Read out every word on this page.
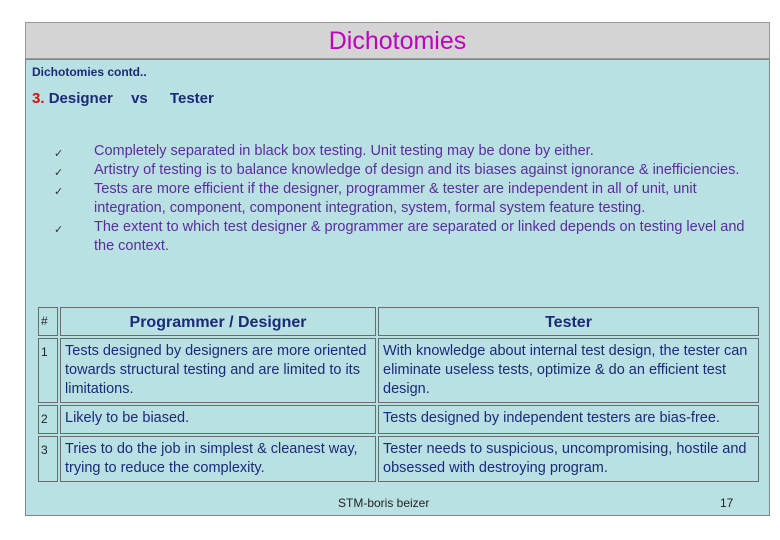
Dichotomies
Dichotomies contd..
3. Designer vs Tester
✓ Completely separated in black box testing. Unit testing may be done by either.
✓ Artistry of testing is to balance knowledge of design and its biases against ignorance & inefficiencies.
✓ Tests are more efficient if the designer, programmer & tester are independent in all of unit, unit integration, component, component integration, system, formal system feature testing.
✓ The extent to which test designer & programmer are separated or linked depends on testing level and the context.
#	Programmer / Designer	Tester
1	Tests designed by designers are more oriented towards structural testing and are limited to its limitations.	With knowledge about internal test design, the tester can eliminate useless tests, optimize & do an efficient test design.
2	Likely to be biased.	Tests designed by independent testers are bias-free.
3	Tries to do the job in simplest & cleanest way, trying to reduce the complexity.	Tester needs to suspicious, uncompromising, hostile and obsessed with destroying program.
STM-boris beizer	17
